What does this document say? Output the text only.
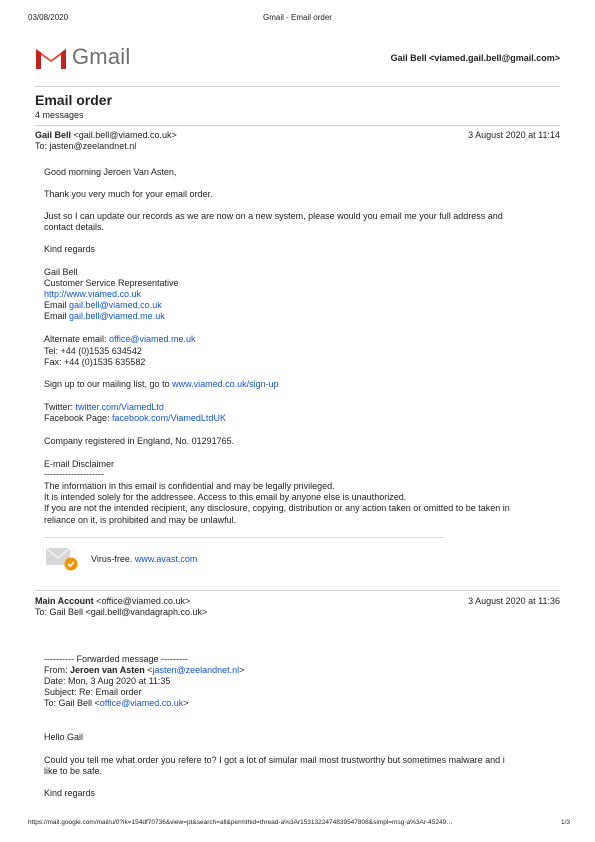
03/08/2020	Gmail - Email order
Gmail	Gail Bell <viamed.gail.bell@gmail.com>
Email order
4 messages
Gail Bell <gail.bell@viamed.co.uk>	3 August 2020 at 11:14
To: jasten@zeelandnet.nl
Good morning Jeroen Van Asten,
Thank you very much for your email order.
Just so I can update our records as we are now on a new system, please would you email me your full address and
contact details.
Kind regards
Gail Bell
Customer Service Representative
http://www.viamed.co.uk
Email gail.bell@viamed.co.uk
Email gail.bell@viamed.me.uk
Alternate email: office@viamed.me.uk
Tel: +44 (0)1535 634542
Fax: +44 (0)1535 635582
Sign up to our mailing list, go to www.viamed.co.uk/sign-up
Twitter: twitter.com/ViamedLtd
Facebook Page: facebook.com/ViamedLtdUK
Company registered in England, No. 01291765.
E-mail Disclaimer
--------------------
The information in this email is confidential and may be legally privileged.
It is intended solely for the addressee. Access to this email by anyone else is unauthorized.
If you are not the intended recipient, any disclosure, copying, distribution or any action taken or omitted to be taken in
reliance on it, is prohibited and may be unlawful.
Virus-free. www.avast.com
Main Account <office@viamed.co.uk>	3 August 2020 at 11:36
To: Gail Bell <gail.bell@vandagraph.co.uk>
---------- Forwarded message ---------
From: Jeroen van Asten <jasten@zeelandnet.nl>
Date: Mon, 3 Aug 2020 at 11:35
Subject: Re: Email order
To: Gail Bell <office@viamed.co.uk>
Hello Gail
Could you tell me what order you refere to? I got a lot of simular mail most trustworthy but sometimes malware and i
like to be safe.
Kind regards
https://mail.google.com/mail/u/0?ik=154df70736&view=pt&search=all&permthid=thread-a%3Ar1531322474839547808&simpl=msg-a%3Ar-45249…	1/3
